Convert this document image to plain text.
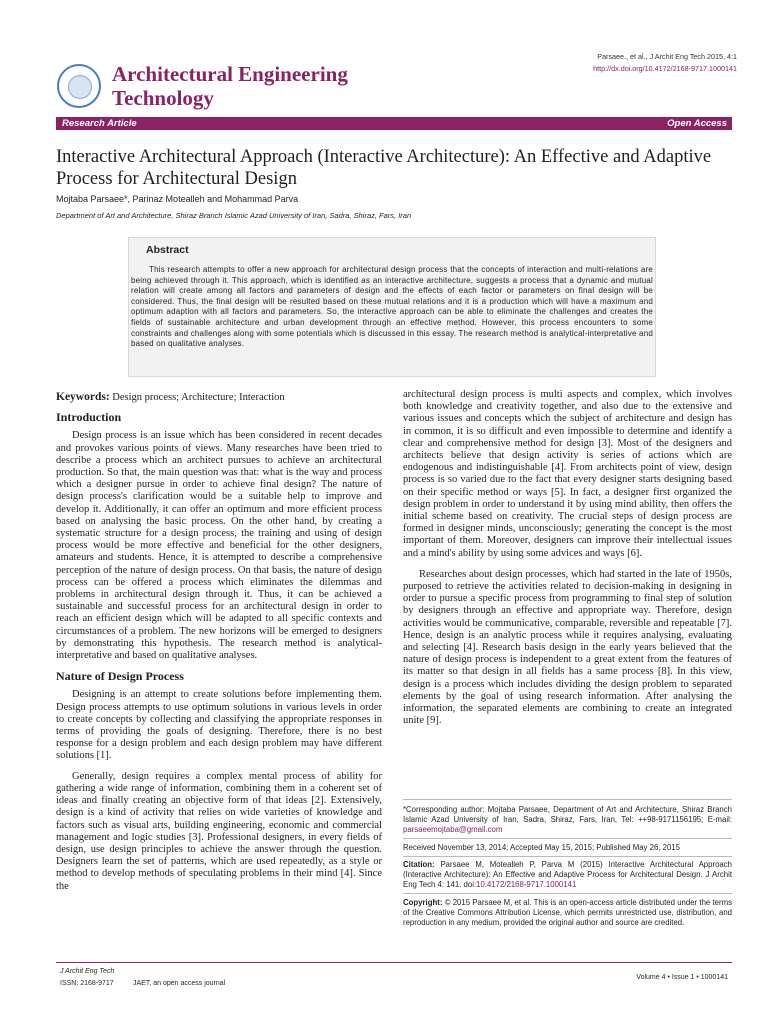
Architectural Engineering
Technology
Parsaee., et al., J Archit Eng Tech 2015, 4:1
http://dx.doi.org/10.4172/2168-9717.1000141
Research Article	Open Access
Interactive Architectural Approach (Interactive Architecture): An Effective and Adaptive Process for Architectural Design
Mojtaba Parsaee*, Parinaz Motealleh and Mohammad Parva
Department of Art and Architecture, Shiraz Branch Islamic Azad University of Iran, Sadra, Shiraz, Fars, Iran
Abstract
This research attempts to offer a new approach for architectural design process that the concepts of interaction and multi-relations are being achieved through it. This approach, which is identified as an interactive architecture, suggests a process that a dynamic and mutual relation will create among all factors and parameters of design and the effects of each factor or parameters on final design will be considered. Thus, the final design will be resulted based on these mutual relations and it is a production which will have a maximum and optimum adaption with all factors and parameters. So, the interactive approach can be able to eliminate the challenges and creates the fields of sustainable architecture and urban development through an effective method. However, this process encounters to some constraints and challenges along with some potentials which is discussed in this essay. The research method is analytical-interpretative and based on qualitative analyses.
Keywords: Design process; Architecture; Interaction
Introduction

Design process is an issue which has been considered in recent decades and provokes various points of views. Many researches have been tried to describe a process which an architect pursues to achieve an architectural production. So that, the main question was that: what is the way and process which a designer pursue in order to achieve final design? The nature of design process's clarification would be a suitable help to improve and develop it. Additionally, it can offer an optimum and more efficient process based on analysing the basic process. On the other hand, by creating a systematic structure for a design process, the training and using of design process would be more effective and beneficial for the other designers, amateurs and students. Hence, it is attempted to describe a comprehensive perception of the nature of design process. On that basis, the nature of design process can be offered a process which eliminates the dilemmas and problems in architectural design through it. Thus, it can be achieved a sustainable and successful process for an architectural design in order to reach an efficient design which will be adapted to all specific contexts and circumstances of a problem. The new horizons will be emerged to designers by demonstrating this hypothesis. The research method is analytical-interpretative and based on qualitative analyses.

Nature of Design Process

Designing is an attempt to create solutions before implementing them. Design process attempts to use optimum solutions in various levels in order to create concepts by collecting and classifying the appropriate responses in terms of providing the goals of designing. Therefore, there is no best response for a design problem and each design problem may have different solutions [1].

Generally, design requires a complex mental process of ability for gathering a wide range of information, combining them in a coherent set of ideas and finally creating an objective form of that ideas [2]. Extensively, design is a kind of activity that relies on wide varieties of knowledge and factors such as visual arts, building engineering, economic and commercial management and logic studies [3]. Professional designers, in every fields of design, use design principles to achieve the answer through the question. Designers learn the set of patterns, which are used repeatedly, as a style or method to develop methods of speculating problems in their mind [4]. Since the

architectural design process is multi aspects and complex, which involves both knowledge and creativity together, and also due to the extensive and various issues and concepts which the subject of architecture and design has in common, it is so difficult and even impossible to determine and identify a clear and comprehensive method for design [3]. Most of the designers and architects believe that design activity is series of actions which are endogenous and indistinguishable [4]. From architects point of view, design process is so varied due to the fact that every designer starts designing based on their specific method or ways [5]. In fact, a designer first organized the design problem in order to understand it by using mind ability, then offers the initial scheme based on creativity. The crucial steps of design process are formed in designer minds, unconsciously; generating the concept is the most important of them. Moreover, designers can improve their intellectual issues and a mind's ability by using some advices and ways [6].

Researches about design processes, which had started in the late of 1950s, purposed to retrieve the activities related to decision-making in designing in order to pursue a specific process from programming to final step of solution by designers through an effective and appropriate way. Therefore, design activities would be communicative, comparable, reversible and repeatable [7]. Hence, design is an analytic process while it requires analysing, evaluating and selecting [4]. Research basis design in the early years believed that the nature of design process is independent to a great extent from the features of its matter so that design in all fields has a same process [8]. In this view, design is a process which includes dividing the design problem to separated elements by the goal of using research information. After analysing the information, the separated elements are combining to create an integrated unite [9].

*Corresponding author: Mojtaba Parsaee, Department of Art and Architecture, Shiraz Branch Islamic Azad University of Iran, Sadra, Shiraz, Fars, Iran, Tel: ++98-9171156195; E-mail: parsaeemojtaba@gmail.com
Received November 13, 2014; Accepted May 15, 2015; Published May 26, 2015
Citation: Parsaee M, Motealleh P, Parva M (2015) Interactive Architectural Approach (Interactive Architecture): An Effective and Adaptive Process for Architectural Design. J Archit Eng Tech 4: 141. doi:10.4172/2168-9717.1000141
Copyright: © 2015 Parsaee M, et al. This is an open-access article distributed under the terms of the Creative Commons Attribution License, which permits unrestricted use, distribution, and reproduction in any medium, provided the original author and source are credited.
J Archit Eng Tech
ISSN: 2168-9717	JAET, an open access journal
Volume 4 • Issue 1 • 1000141
